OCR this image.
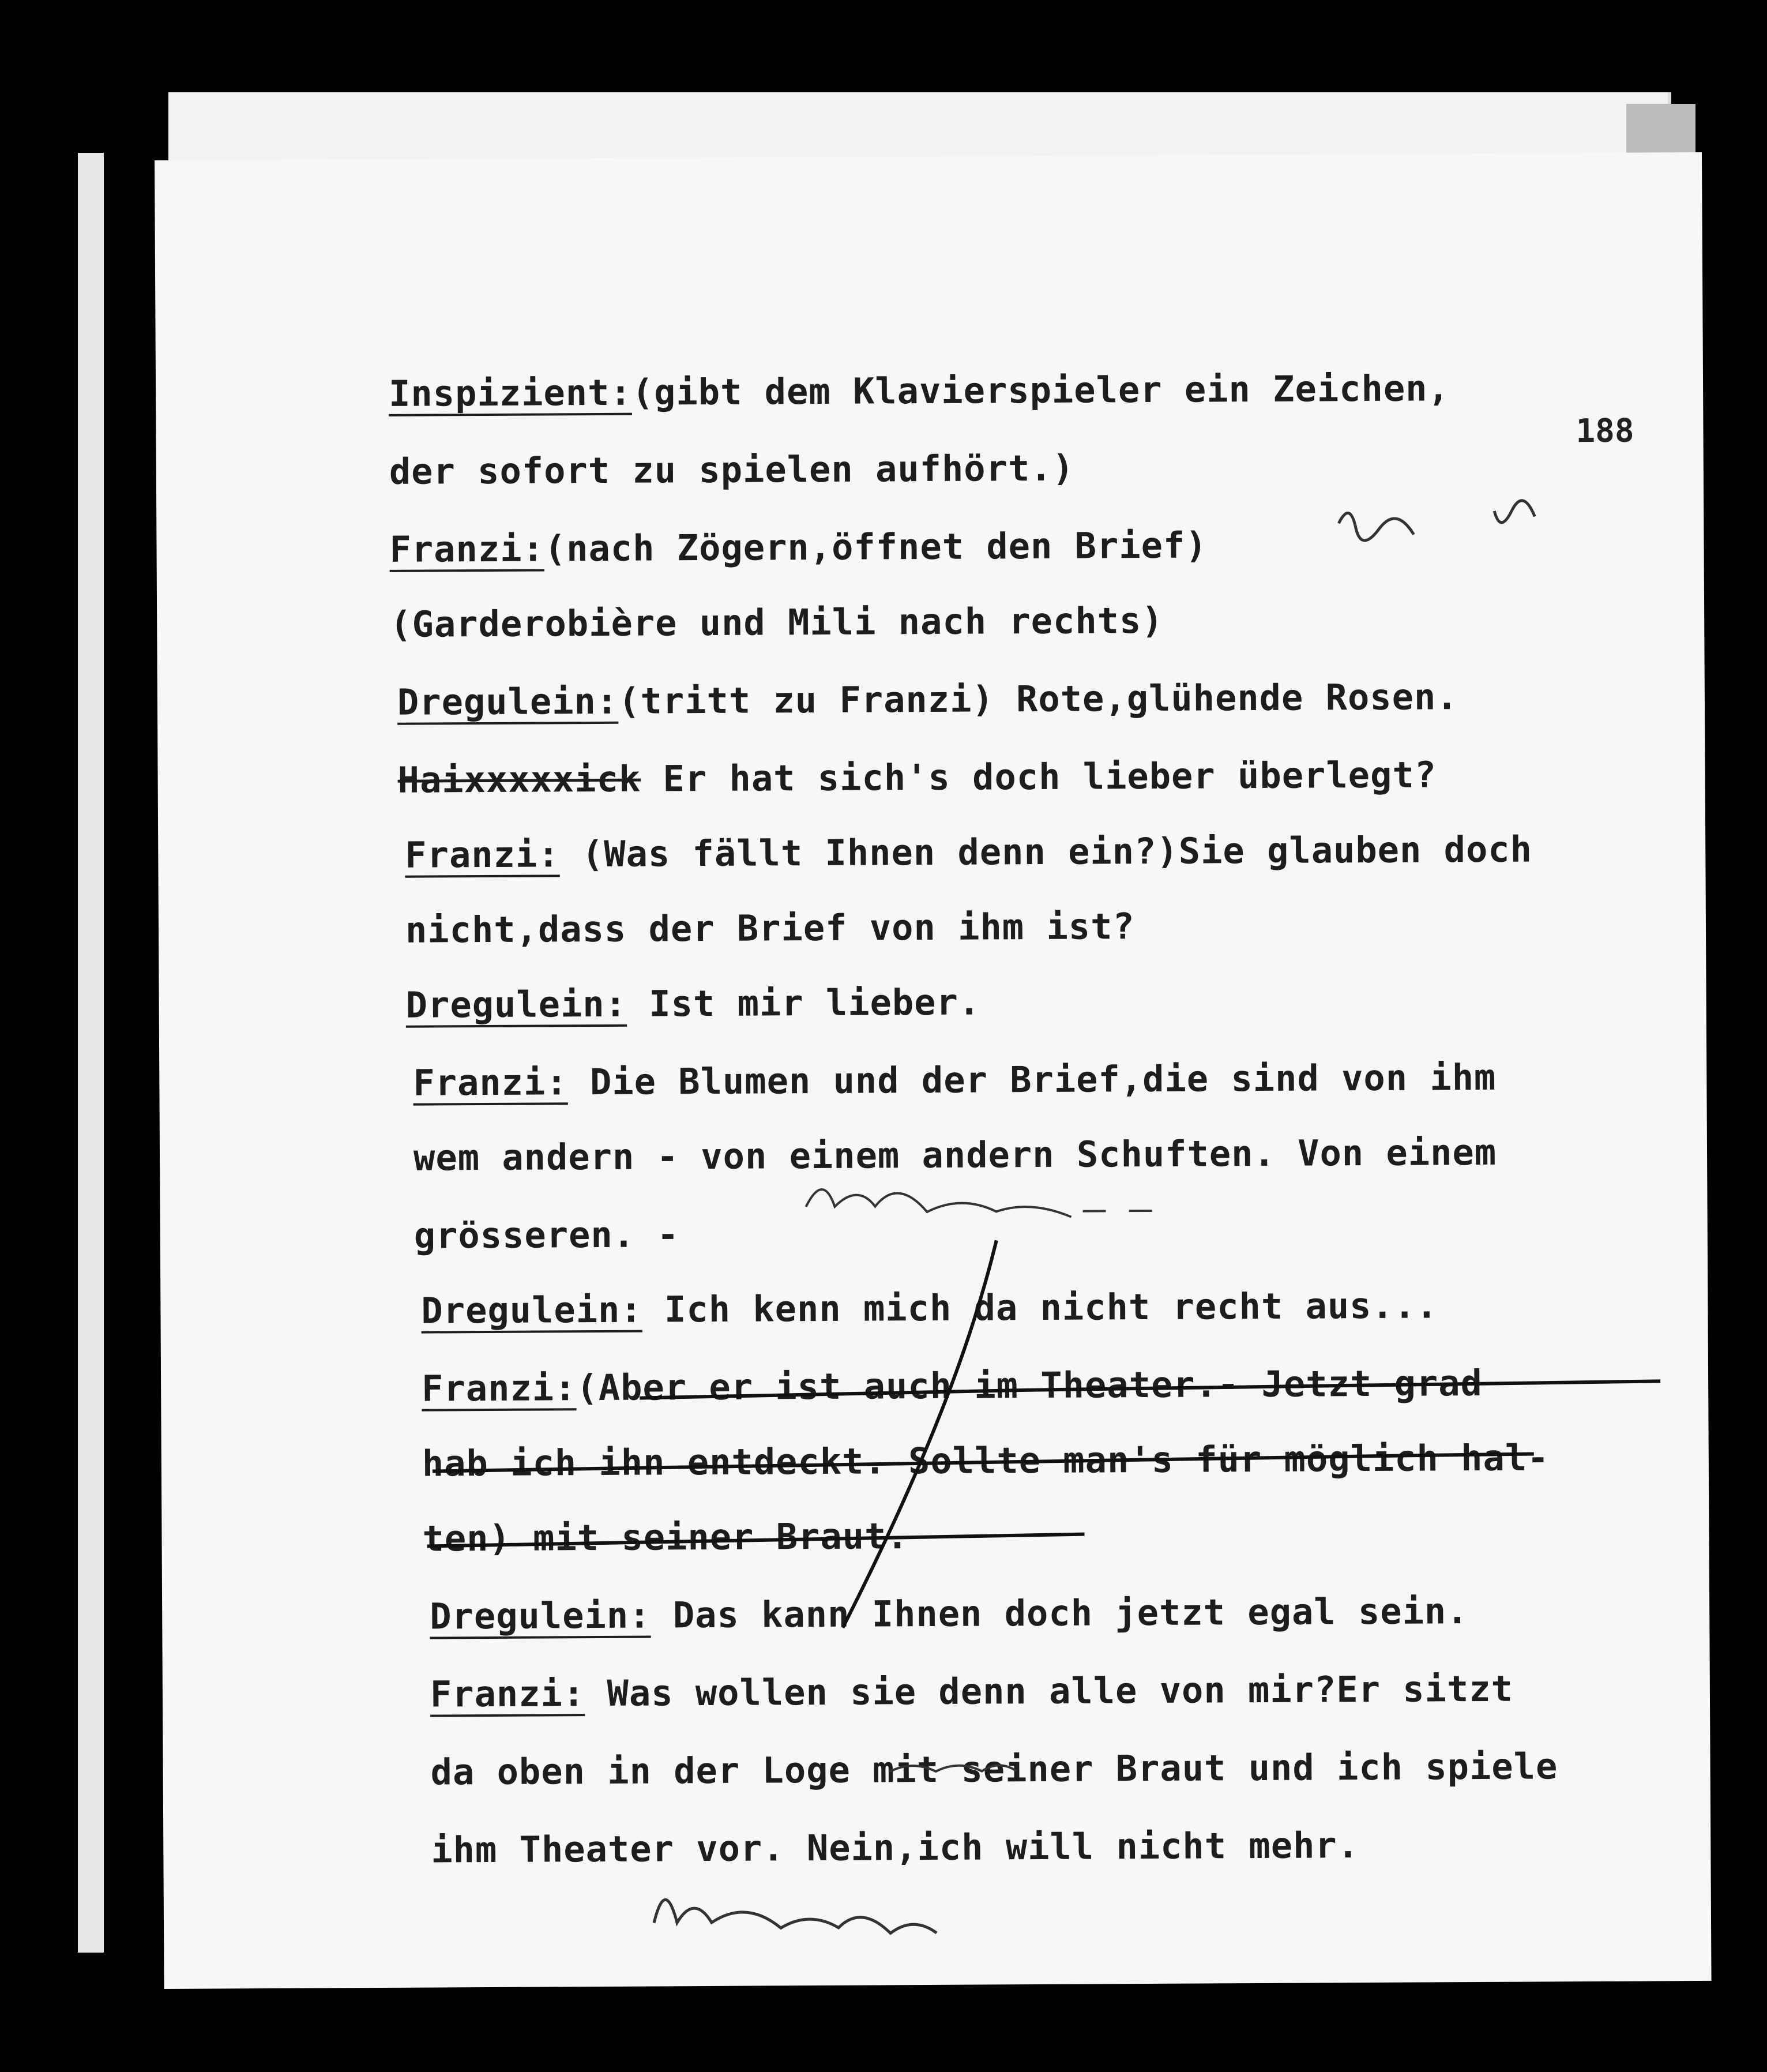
188
Inspizient:(gibt dem Klavierspieler ein Zeichen,
der sofort zu spielen aufhört.)
Franzi:(nach Zögern,öffnet den Brief)
(Garderobière und Mili nach rechts)
Dregulein:(tritt zu Franzi) Rote,glühende Rosen.
Haixxxxxick Er hat sich's doch lieber überlegt?
Franzi: (Was fällt Ihnen denn ein?)Sie glauben doch
nicht,dass der Brief von ihm ist?
Dregulein: Ist mir lieber.
Franzi: Die Blumen und der Brief,die sind von ihm
wem andern - von einem andern Schuften. Von einem
grösseren. -
Dregulein: Ich kenn mich da nicht recht aus...
Franzi:(Aber er ist auch im Theater.- Jetzt grad
hab ich ihn entdeckt. Sollte man's für möglich hal-
ten) mit seiner Braut.
Dregulein: Das kann Ihnen doch jetzt egal sein.
Franzi: Was wollen sie denn alle von mir?Er sitzt
da oben in der Loge mit seiner Braut und ich spiele
ihm Theater vor. Nein,ich will nicht mehr.
